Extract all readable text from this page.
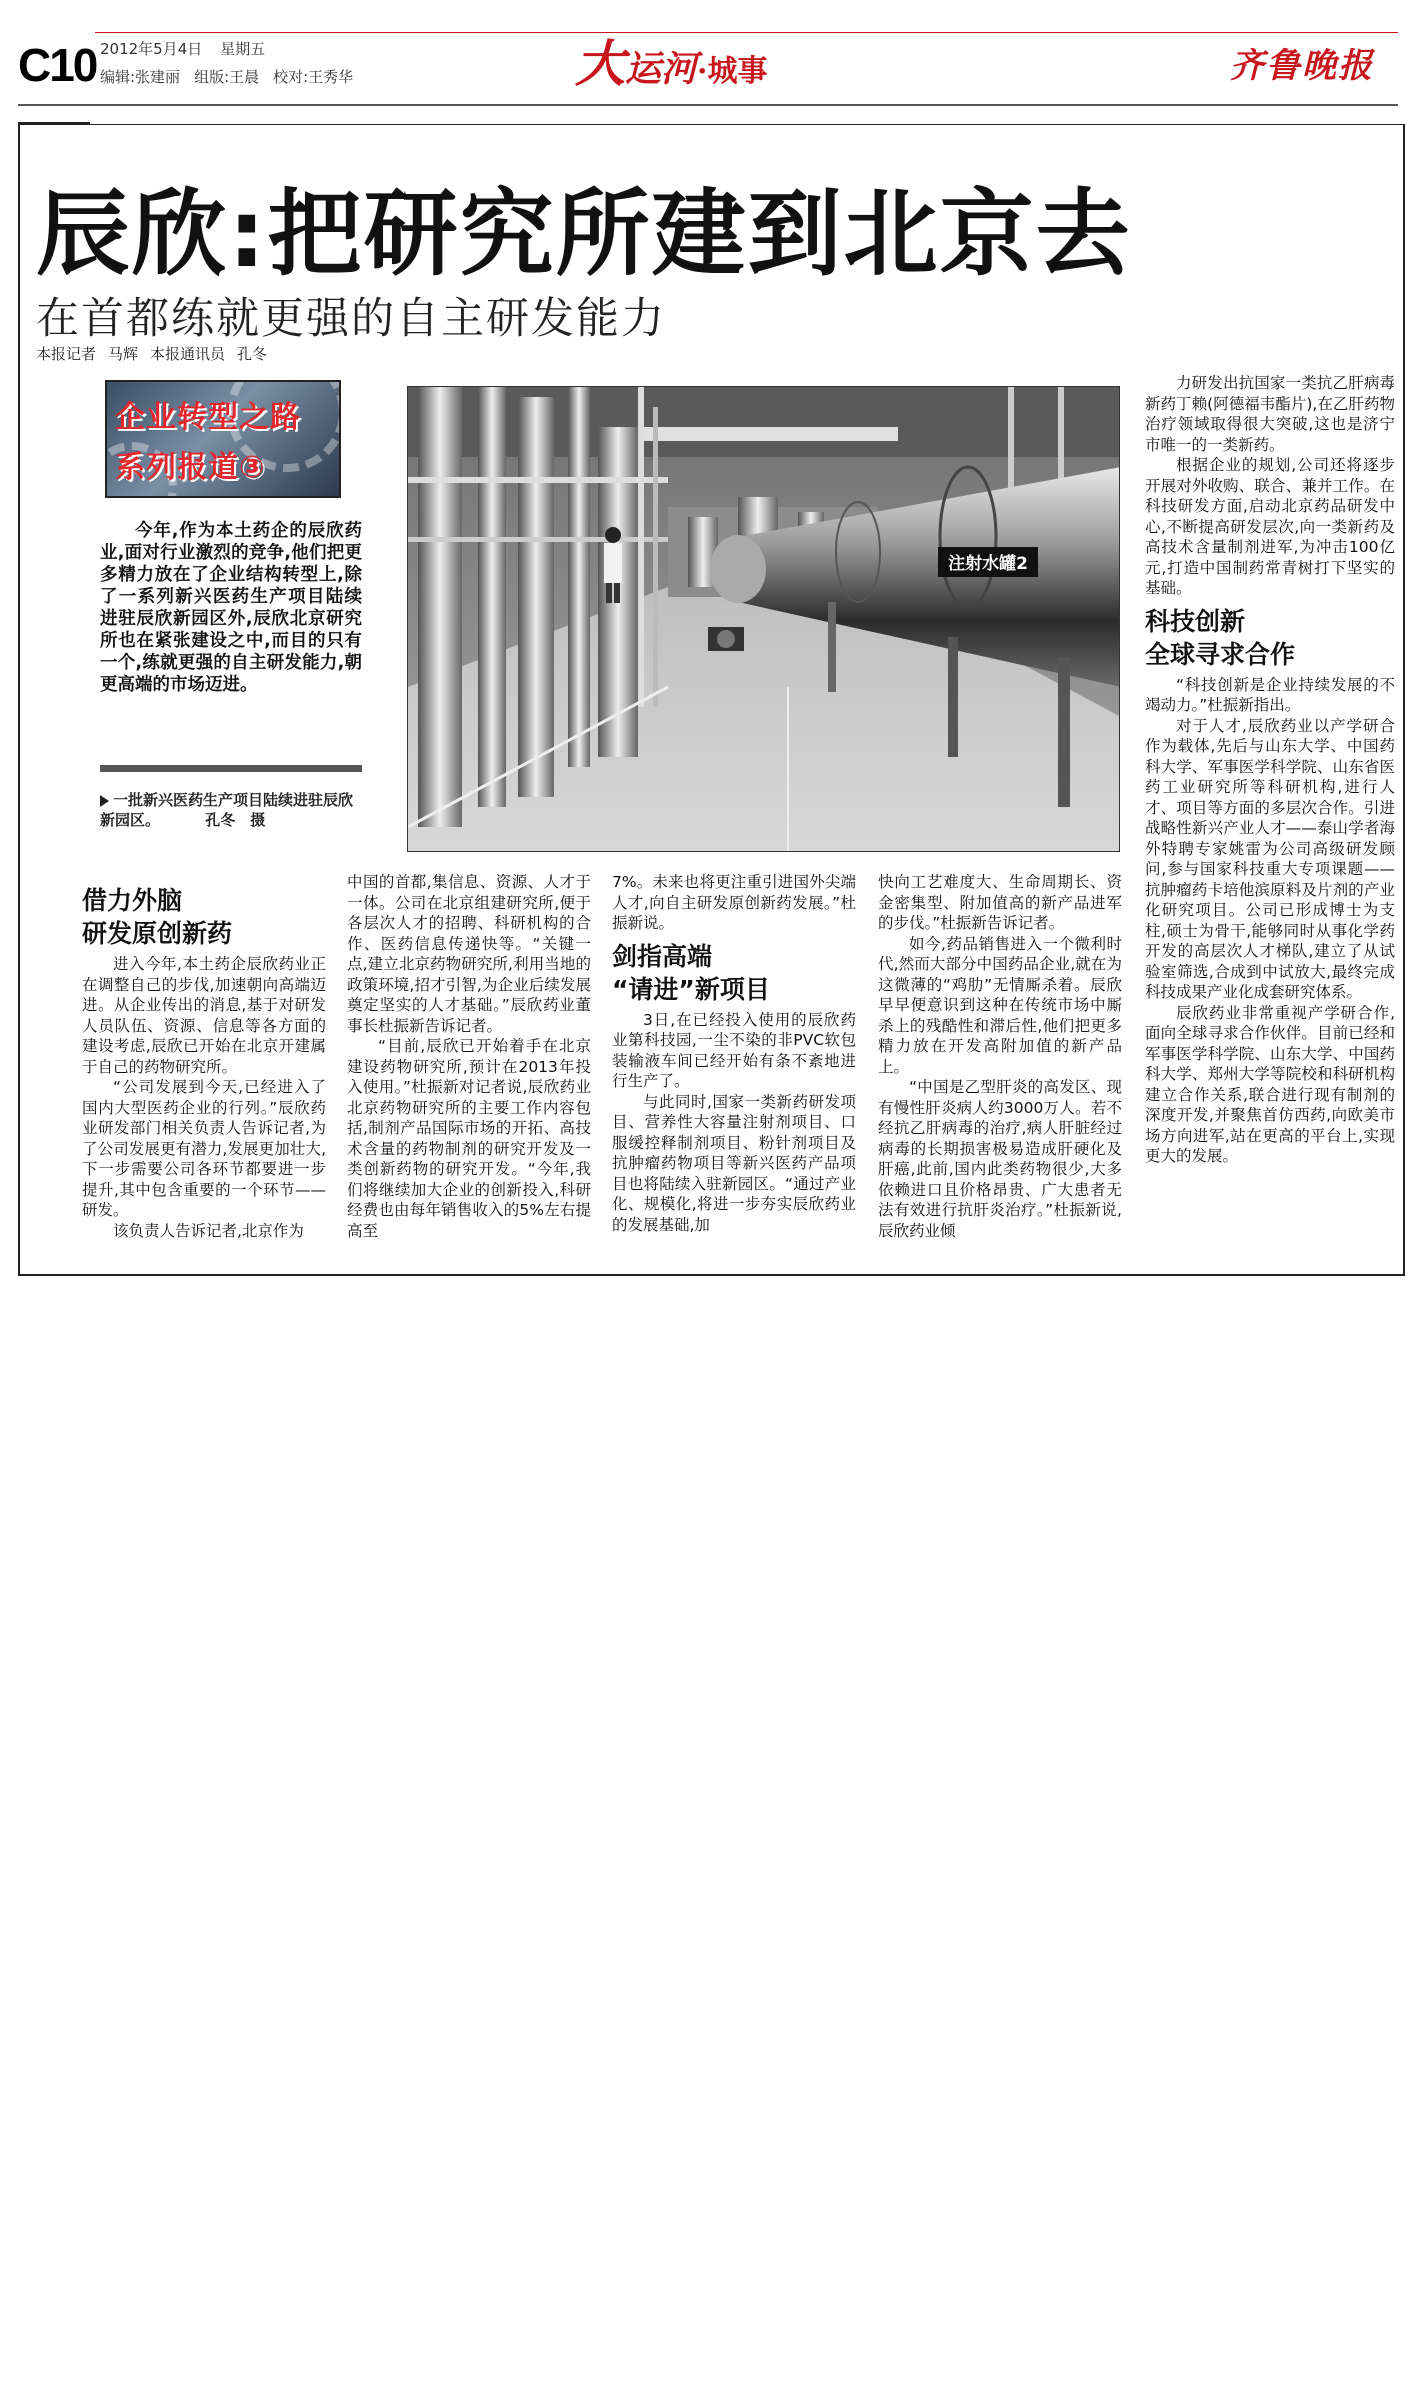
C10 2012年5月4日 星期五
编辑:张建丽 组版:王晨 校对:王秀华	大运河·城事	齐鲁晚报
辰欣:把研究所建到北京去
在首都练就更强的自主研发能力
本报记者 马辉 本报通讯员 孔冬
企业转型之路
系列报道③

今年,作为本土药企的辰欣药业,面对行业激烈的竞争,他们把更多精力放在了企业结构转型上,除了一系列新兴医药生产项目陆续进驻辰欣新园区外,辰欣北京研究所也在紧张建设之中,而目的只有一个,练就更强的自主研发能力,朝更高端的市场迈进。

一批新兴医药生产项目陆续进驻辰欣新园区。	孔冬　摄
注射水罐2

力研发出抗国家一类抗乙肝病毒新药丁赖(阿德福韦酯片),在乙肝药物治疗领域取得很大突破,这也是济宁市唯一的一类新药。

根据企业的规划,公司还将逐步开展对外收购、联合、兼并工作。在科技研发方面,启动北京药品研发中心,不断提高研发层次,向一类新药及高技术含量制剂进军,为冲击100亿元,打造中国制药常青树打下坚实的基础。

科技创新
全球寻求合作

“科技创新是企业持续发展的不竭动力。”杜振新指出。

对于人才,辰欣药业以产学研合作为载体,先后与山东大学、中国药科大学、军事医学科学院、山东省医药工业研究所等科研机构,进行人才、项目等方面的多层次合作。引进战略性新兴产业人才——泰山学者海外特聘专家姚雷为公司高级研发顾问,参与国家科技重大专项课题——抗肿瘤药卡培他滨原料及片剂的产业化研究项目。公司已形成博士为支柱,硕士为骨干,能够同时从事化学药开发的高层次人才梯队,建立了从试验室筛选,合成到中试放大,最终完成科技成果产业化成套研究体系。

辰欣药业非常重视产学研合作,面向全球寻求合作伙伴。目前已经和军事医学科学院、山东大学、中国药科大学、郑州大学等院校和科研机构建立合作关系,联合进行现有制剂的深度开发,并聚焦首仿西药,向欧美市场方向进军,站在更高的平台上,实现更大的发展。

借力外脑
研发原创新药

进入今年,本土药企辰欣药业正在调整自己的步伐,加速朝向高端迈进。从企业传出的消息,基于对研发人员队伍、资源、信息等各方面的建设考虑,辰欣已开始在北京开建属于自己的药物研究所。

“公司发展到今天,已经进入了国内大型医药企业的行列。”辰欣药业研发部门相关负责人告诉记者,为了公司发展更有潜力,发展更加壮大,下一步需要公司各环节都要进一步提升,其中包含重要的一个环节——研发。

该负责人告诉记者,北京作为

中国的首都,集信息、资源、人才于一体。公司在北京组建研究所,便于各层次人才的招聘、科研机构的合作、医药信息传递快等。“关键一点,建立北京药物研究所,利用当地的政策环境,招才引智,为企业后续发展奠定坚实的人才基础。”辰欣药业董事长杜振新告诉记者。

“目前,辰欣已开始着手在北京建设药物研究所,预计在2013年投入使用。”杜振新对记者说,辰欣药业北京药物研究所的主要工作内容包括,制剂产品国际市场的开拓、高技术含量的药物制剂的研究开发及一类创新药物的研究开发。“今年,我们将继续加大企业的创新投入,科研经费也由每年销售收入的5%左右提高至

7%。未来也将更注重引进国外尖端人才,向自主研发原创新药发展。”杜振新说。

剑指高端
“请进”新项目

3日,在已经投入使用的辰欣药业第科技园,一尘不染的非PVC软包装输液车间已经开始有条不紊地进行生产了。

与此同时,国家一类新药研发项目、营养性大容量注射剂项目、口服缓控释制剂项目、粉针剂项目及抗肿瘤药物项目等新兴医药产品项目也将陆续入驻新园区。“通过产业化、规模化,将进一步夯实辰欣药业的发展基础,加

快向工艺难度大、生命周期长、资金密集型、附加值高的新产品进军的步伐。”杜振新告诉记者。

如今,药品销售进入一个微利时代,然而大部分中国药品企业,就在为这微薄的“鸡肋”无情厮杀着。辰欣早早便意识到这种在传统市场中厮杀上的残酷性和滞后性,他们把更多精力放在开发高附加值的新产品上。

“中国是乙型肝炎的高发区、现有慢性肝炎病人约3000万人。若不经抗乙肝病毒的治疗,病人肝脏经过病毒的长期损害极易造成肝硬化及肝癌,此前,国内此类药物很少,大多依赖进口且价格昂贵、广大患者无法有效进行抗肝炎治疗。”杜振新说,辰欣药业倾
